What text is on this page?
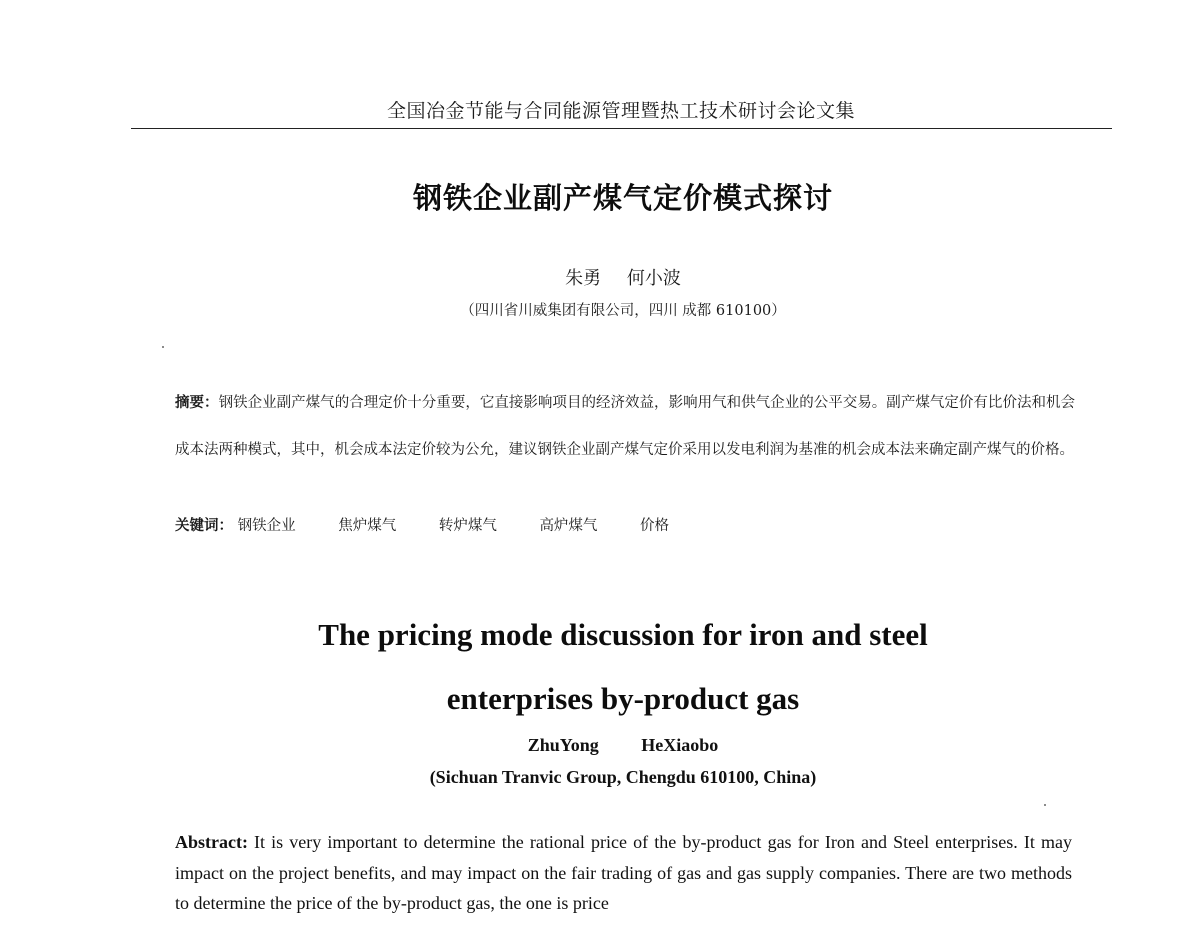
全国冶金节能与合同能源管理暨热工技术研讨会论文集
钢铁企业副产煤气定价模式探讨
朱勇 何小波
（四川省川威集团有限公司，四川 成都 610100）
摘要：钢铁企业副产煤气的合理定价十分重要，它直接影响项目的经济效益，影响用气和供气企业的公平交易。副产煤气定价有比价法和机会成本法两种模式，其中，机会成本法定价较为公允，建议钢铁企业副产煤气定价采用以发电利润为基准的机会成本法来确定副产煤气的价格。
关键词： 钢铁企业	焦炉煤气	转炉煤气	高炉煤气	价格
The pricing mode discussion for iron and steel
enterprises by-product gas
ZhuYong HeXiaobo
(Sichuan Tranvic Group, Chengdu 610100, China)
Abstract: It is very important to determine the rational price of the by-product gas for Iron and Steel enterprises. It may impact on the project benefits, and may impact on the fair trading of gas and gas supply companies. There are two methods to determine the price of the by-product gas, the one is price
